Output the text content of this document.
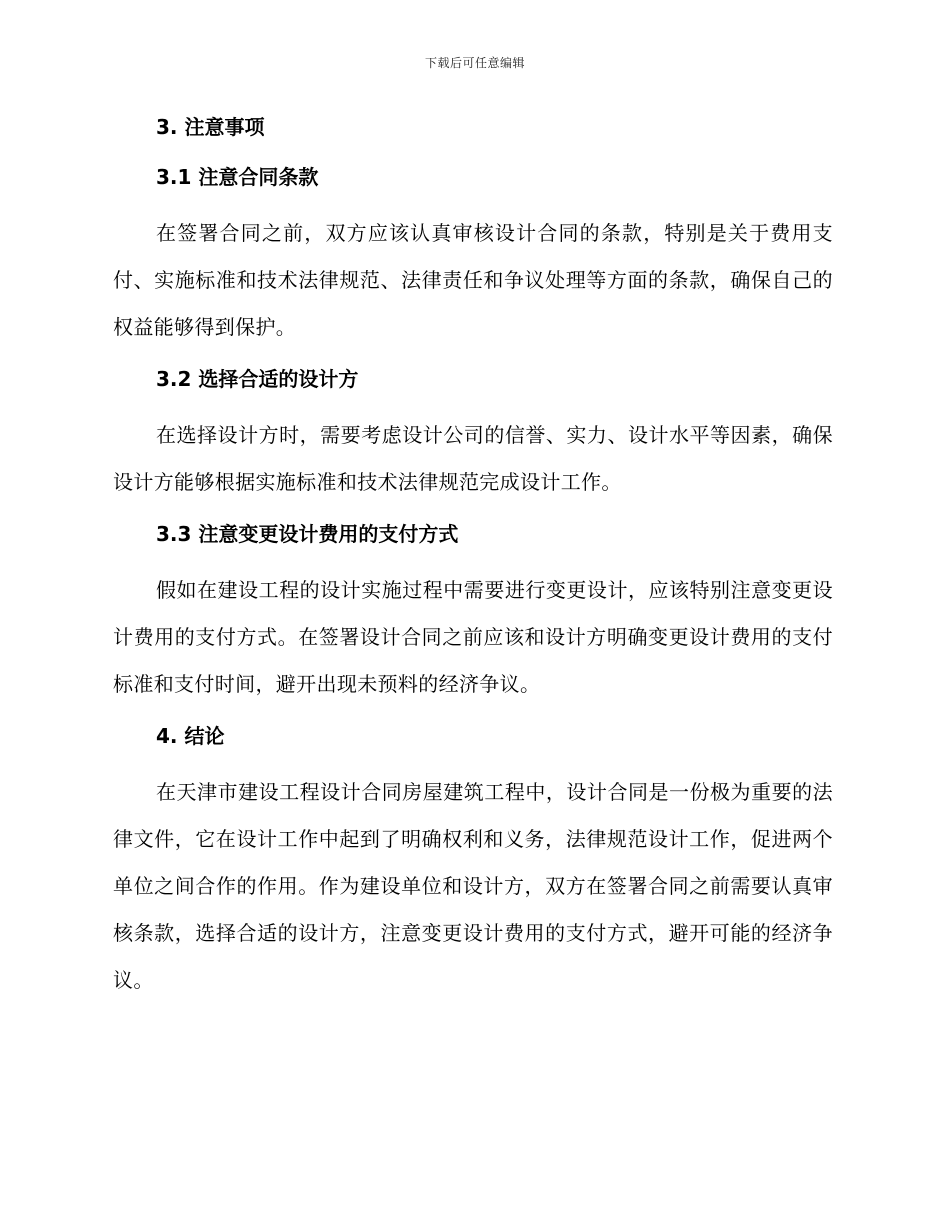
下载后可任意编辑
3. 注意事项
3.1 注意合同条款

在签署合同之前，双方应该认真审核设计合同的条款，特别是关于费用支付、实施标准和技术法律规范、法律责任和争议处理等方面的条款，确保自己的权益能够得到保护。

3.2 选择合适的设计方

在选择设计方时，需要考虑设计公司的信誉、实力、设计水平等因素，确保设计方能够根据实施标准和技术法律规范完成设计工作。

3.3 注意变更设计费用的支付方式

假如在建设工程的设计实施过程中需要进行变更设计，应该特别注意变更设计费用的支付方式。在签署设计合同之前应该和设计方明确变更设计费用的支付标准和支付时间，避开出现未预料的经济争议。

4. 结论

在天津市建设工程设计合同房屋建筑工程中，设计合同是一份极为重要的法律文件，它在设计工作中起到了明确权利和义务，法律规范设计工作，促进两个单位之间合作的作用。作为建设单位和设计方，双方在签署合同之前需要认真审核条款，选择合适的设计方，注意变更设计费用的支付方式，避开可能的经济争议。
